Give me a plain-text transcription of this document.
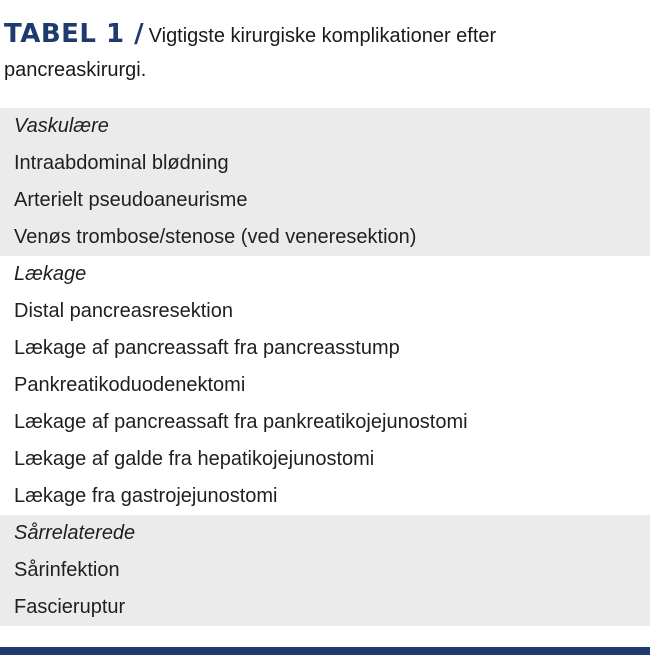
TABEL 1 / Vigtigste kirurgiske komplikationer efter pancreaskirurgi.
Vaskulære
Intraabdominal blødning
Arterielt pseudoaneurisme
Venøs trombose/stenose (ved veneresektion)
Lækage
Distal pancreasresektion
Lækage af pancreassaft fra pancreasstump
Pankreatikoduodenektomi
Lækage af pancreassaft fra pankreatikojejunostomi
Lækage af galde fra hepatikojejunostomi
Lækage fra gastrojejunostomi
Sårrelaterede
Sårinfektion
Fascieruptur
